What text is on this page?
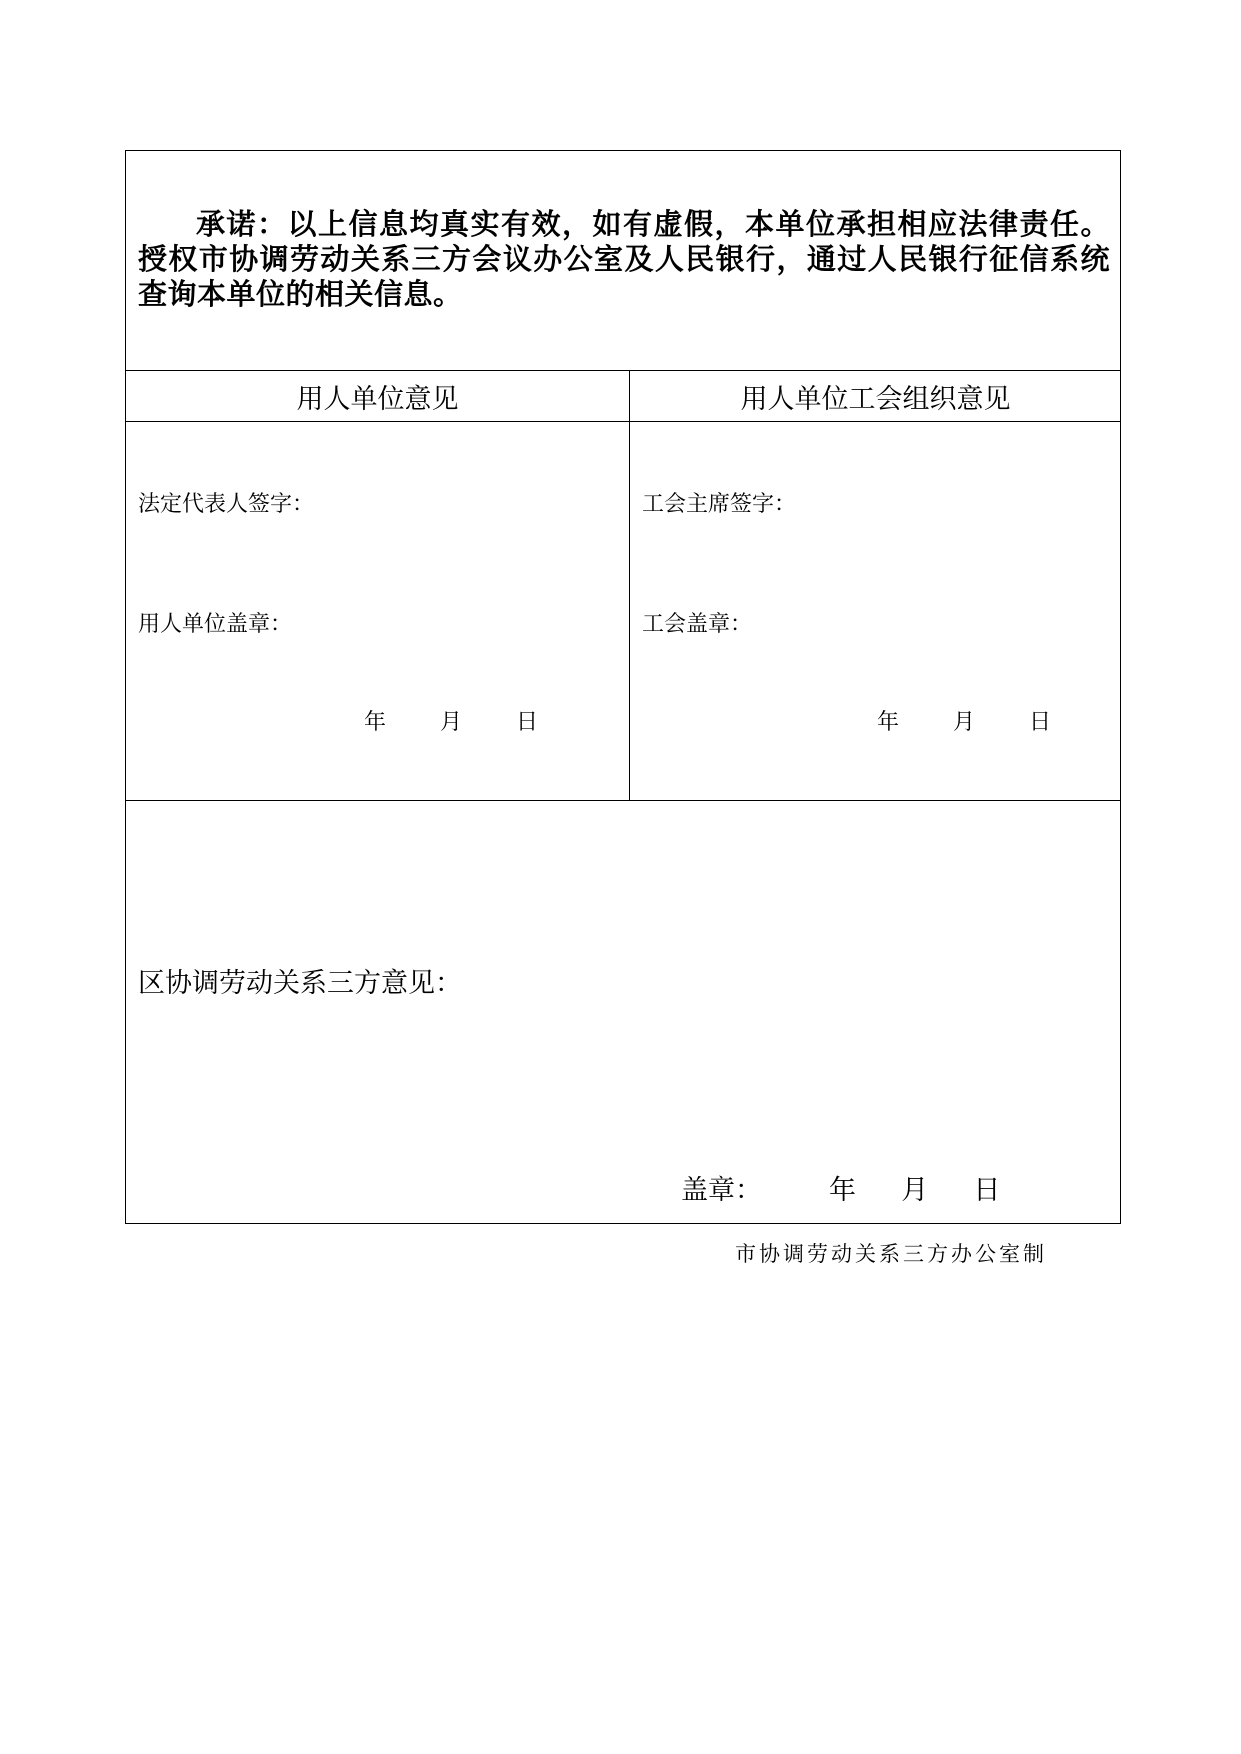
承诺：以上信息均真实有效，如有虚假，本单位承担相应法律责任。授权市协调劳动关系三方会议办公室及人民银行，通过人民银行征信系统查询本单位的相关信息。

用人单位意见	用人单位工会组织意见
法定代表人签字：
用人单位盖章：
年 月 日
工会主席签字：
工会盖章：
年 月 日
区协调劳动关系三方意见：
盖章： 年 月 日
市协调劳动关系三方办公室制
